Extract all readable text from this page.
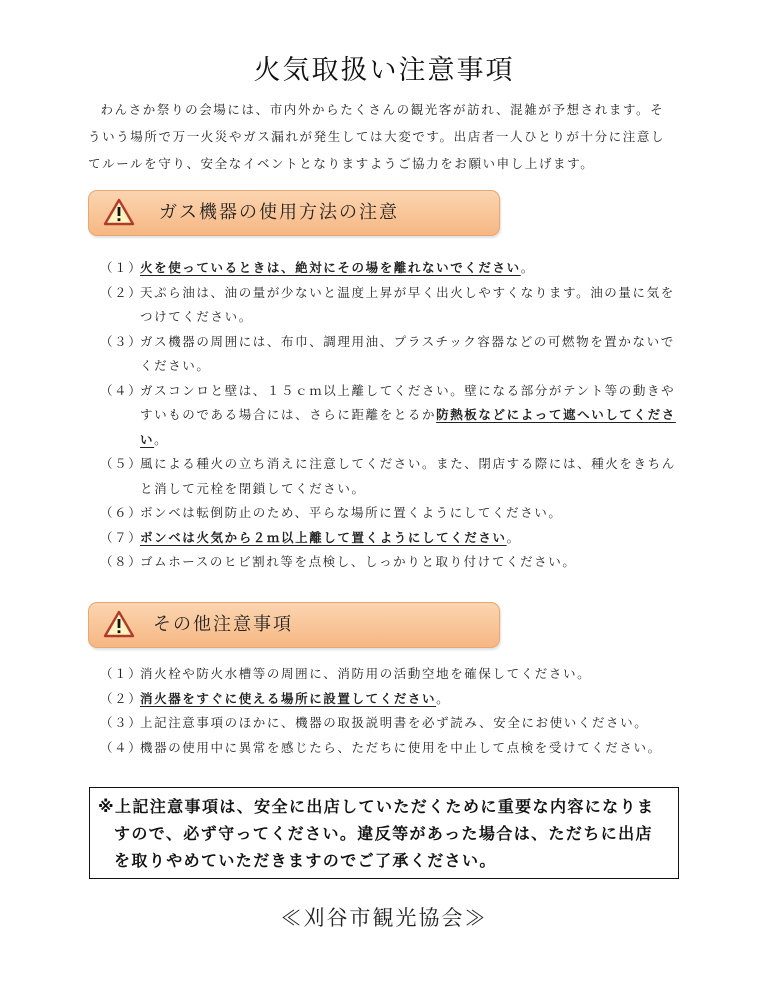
火気取扱い注意事項

わんさか祭りの会場には、市内外からたくさんの観光客が訪れ、混雑が予想されます。そういう場所で万一火災やガス漏れが発生しては大変です。出店者一人ひとりが十分に注意してルールを守り、安全なイベントとなりますようご協力をお願い申し上げます。

ガス機器の使用方法の注意
（１）
火を使っているときは、絶対にその場を離れないでください。
（２）
天ぷら油は、油の量が少ないと温度上昇が早く出火しやすくなります。油の量に気をつけてください。
（３）
ガス機器の周囲には、布巾、調理用油、プラスチック容器などの可燃物を置かないでください。
（４）
ガスコンロと壁は、１５ｃｍ以上離してください。壁になる部分がテント等の動きやすいものである場合には、さらに距離をとるか防熱板などによって遮へいしてください。
（５）
風による種火の立ち消えに注意してください。また、閉店する際には、種火をきちんと消して元栓を閉鎖してください。
（６）
ボンベは転倒防止のため、平らな場所に置くようにしてください。
（７）
ボンベは火気から２ｍ以上離して置くようにしてください。
（８）
ゴムホースのヒビ割れ等を点検し、しっかりと取り付けてください。
その他注意事項
（１）
消火栓や防火水槽等の周囲に、消防用の活動空地を確保してください。
（２）
消火器をすぐに使える場所に設置してください。
（３）
上記注意事項のほかに、機器の取扱説明書を必ず読み、安全にお使いください。
（４）
機器の使用中に異常を感じたら、ただちに使用を中止して点検を受けてください。
※上記注意事項は、安全に出店していただくために重要な内容になりますので、必ず守ってください。違反等があった場合は、ただちに出店を取りやめていただきますのでご了承ください。
≪刈谷市観光協会≫
